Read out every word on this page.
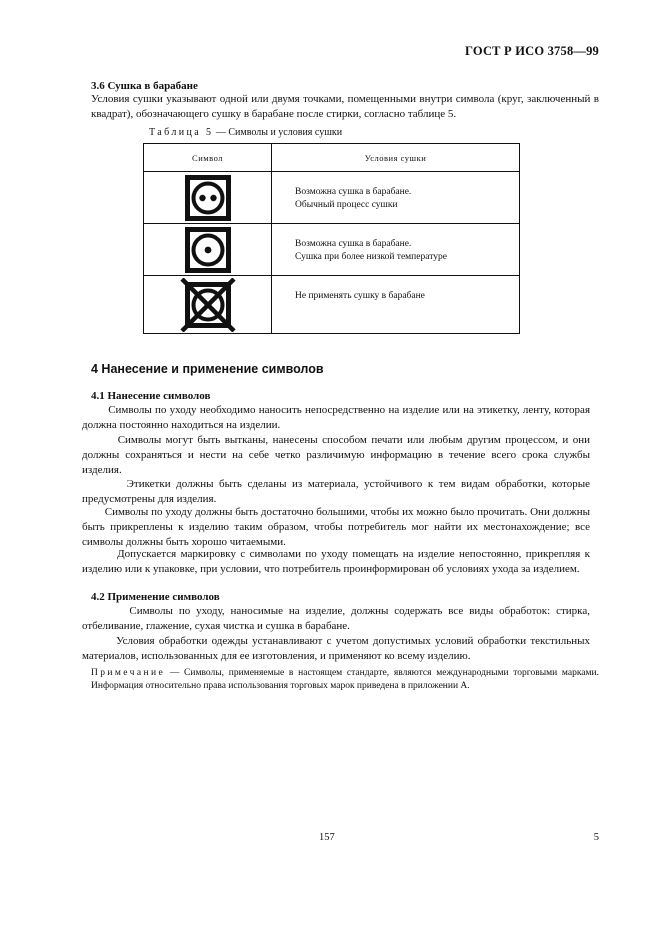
ГОСТ Р ИСО 3758—99
3.6 Сушка в барабане
Условия сушки указывают одной или двумя точками, помещенными внутри символа (круг, заключенный в квадрат), обозначающего сушку в барабане после стирки, согласно таблице 5.
Таблица 5 — Символы и условия сушки
Символ	Условия сушки

Возможна сушка в барабане.
Обычный процесс сушки

Возможна сушка в барабане.
Сушка при более низкой температуре

Не применять сушку в барабане
4 Нанесение и применение символов
4.1 Нанесение символов
Символы по уходу необходимо наносить непосредственно на изделие или на этикетку, ленту, которая должна постоянно находиться на изделии.
Символы могут быть вытканы, нанесены способом печати или любым другим процессом, и они должны сохраняться и нести на себе четко различимую информацию в течение всего срока службы изделия.
Этикетки должны быть сделаны из материала, устойчивого к тем видам обработки, которые предусмотрены для изделия.
Символы по уходу должны быть достаточно большими, чтобы их можно было прочитать. Они должны быть прикреплены к изделию таким образом, чтобы потребитель мог найти их местонахождение; все символы должны быть хорошо читаемыми.
Допускается маркировку с символами по уходу помещать на изделие непостоянно, прикрепляя к изделию или к упаковке, при условии, что потребитель проинформирован об условиях ухода за изделием.
4.2 Применение символов
Символы по уходу, наносимые на изделие, должны содержать все виды обработок: стирка, отбеливание, глажение, сухая чистка и сушка в барабане.
Условия обработки одежды устанавливают с учетом допустимых условий обработки текстильных материалов, использованных для ее изготовления, и применяют ко всему изделию.
Примечание — Символы, применяемые в настоящем стандарте, являются международными торговыми марками. Информация относительно права использования торговых марок приведена в приложении А.
157	5
